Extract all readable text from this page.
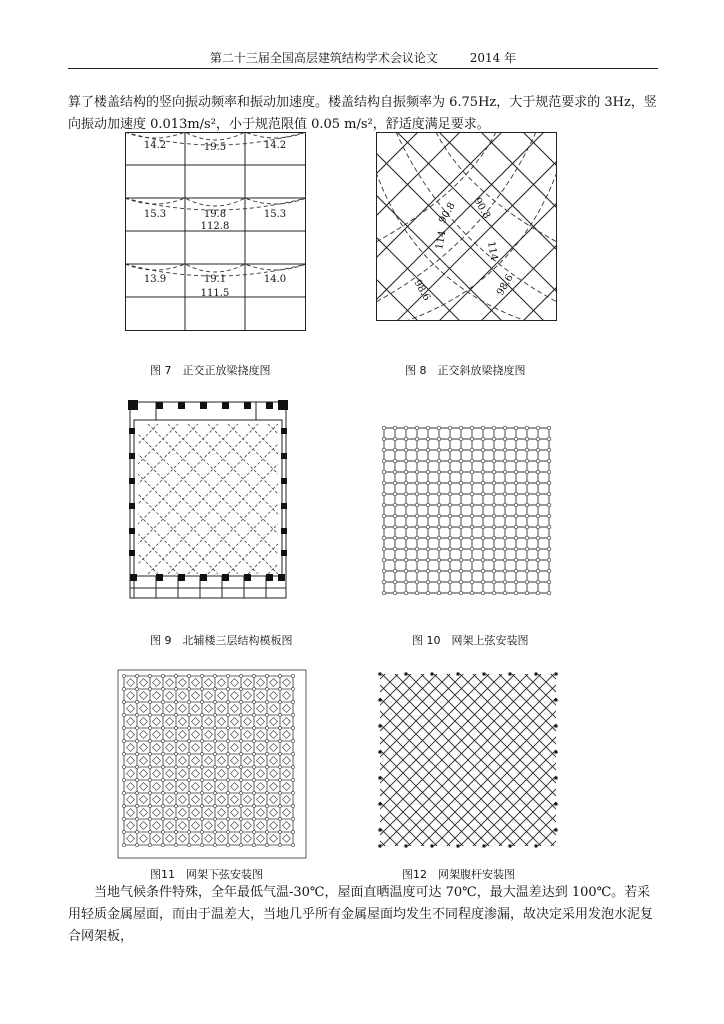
第二十三届全国高层建筑结构学术会议论文	2014 年

算了楼盖结构的竖向振动频率和振动加速度。楼盖结构自振频率为 6.75Hz，大于规范要求的 3Hz，竖向振动加速度 0.013m/s²，小于规范限值 0.05 m/s²，舒适度满足要求。

14.2	19.5	14.2
15.3	19.8	15.3
112.8
13.9	19.1	14.0
111.5
图 7　正交正放梁挠度图
90.8 90.8
114
114
98.6	98.6
图 8　正交斜放梁挠度图
图 9　北辅楼三层结构模板图	图 10　网架上弦安装图
图11　网架下弦安装图	图12　网架腹杆安装图

当地气候条件特殊，全年最低气温-30℃，屋面直晒温度可达 70℃，最大温差达到 100℃。若采用轻质金属屋面，而由于温差大，当地几乎所有金属屋面均发生不同程度渗漏，故决定采用发泡水泥复合网架板，
